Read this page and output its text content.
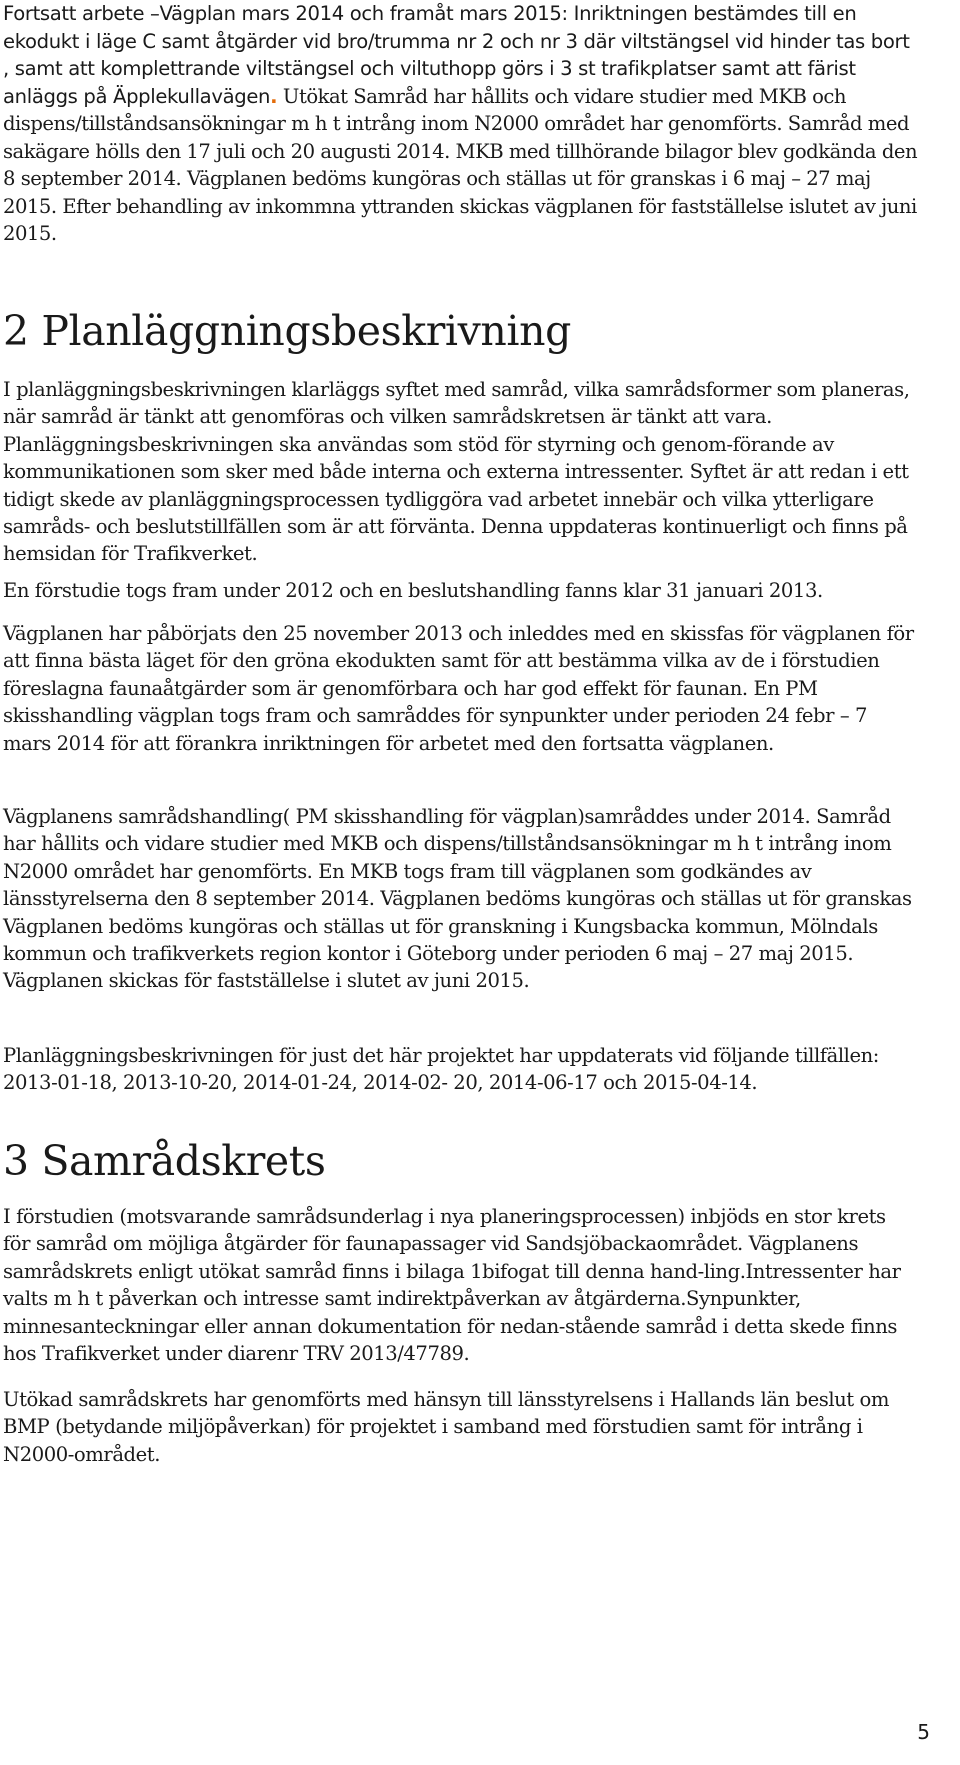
Fortsatt arbete –Vägplan mars 2014 och framåt mars 2015: Inriktningen bestämdes till en ekodukt i läge C samt åtgärder vid bro/trumma nr 2 och nr 3 där viltstängsel vid hinder tas bort , samt att komplettrande viltstängsel och viltuthopp görs i 3 st trafikplatser samt att färist anläggs på Äpplekullavägen. Utökat Samråd har hållits och vidare studier med MKB och dispens/tillståndsansökningar m h t intrång inom N2000 området har genomförts. Samråd med sakägare hölls den 17 juli och 20 augusti 2014. MKB med tillhörande bilagor blev godkända den 8 september 2014. Vägplanen bedöms kungöras och ställas ut för granskas i 6 maj – 27 maj 2015. Efter behandling av inkommna yttranden skickas vägplanen för fastställelse islutet av juni 2015.

2 Planläggningsbeskrivning

I planläggningsbeskrivningen klarläggs syftet med samråd, vilka samrådsformer som planeras, när samråd är tänkt att genomföras och vilken samrådskretsen är tänkt att vara. Planläggningsbeskrivningen ska användas som stöd för styrning och genom-förande av kommunikationen som sker med både interna och externa intressenter. Syftet är att redan i ett tidigt skede av planläggningsprocessen tydliggöra vad arbetet innebär och vilka ytterligare samråds- och beslutstillfällen som är att förvänta. Denna uppdateras kontinuerligt och finns på hemsidan för Trafikverket.

En förstudie togs fram under 2012 och en beslutshandling fanns klar 31 januari 2013.

Vägplanen har påbörjats den 25 november 2013 och inleddes med en skissfas för vägplanen för att finna bästa läget för den gröna ekodukten samt för att bestämma vilka av de i förstudien föreslagna faunaåtgärder som är genomförbara och har god effekt för faunan. En PM skisshandling vägplan togs fram och samråddes för synpunkter under perioden 24 febr – 7 mars 2014 för att förankra inriktningen för arbetet med den fortsatta vägplanen.

Vägplanens samrådshandling( PM skisshandling för vägplan)samråddes under 2014. Samråd har hållits och vidare studier med MKB och dispens/tillståndsansökningar m h t intrång inom N2000 området har genomförts. En MKB togs fram till vägplanen som godkändes av länsstyrelserna den 8 september 2014. Vägplanen bedöms kungöras och ställas ut för granskas Vägplanen bedöms kungöras och ställas ut för granskning i Kungsbacka kommun, Mölndals kommun och trafikverkets region kontor i Göteborg under perioden 6 maj – 27 maj 2015. Vägplanen skickas för fastställelse i slutet av juni 2015.

Planläggningsbeskrivningen för just det här projektet har uppdaterats vid följande tillfällen: 2013-01-18, 2013-10-20, 2014-01-24, 2014-02- 20, 2014-06-17 och 2015-04-14.

3 Samrådskrets

I förstudien (motsvarande samrådsunderlag i nya planeringsprocessen) inbjöds en stor krets för samråd om möjliga åtgärder för faunapassager vid Sandsjöbackaområdet. Vägplanens samrådskrets enligt utökat samråd finns i bilaga 1bifogat till denna hand-ling.Intressenter har valts m h t påverkan och intresse samt indirektpåverkan av åtgärderna.Synpunkter, minnesanteckningar eller annan dokumentation för nedan-stående samråd i detta skede finns hos Trafikverket under diarenr TRV 2013/47789.

Utökad samrådskrets har genomförts med hänsyn till länsstyrelsens i Hallands län beslut om BMP (betydande miljöpåverkan) för projektet i samband med förstudien samt för intrång i N2000-området.

5
